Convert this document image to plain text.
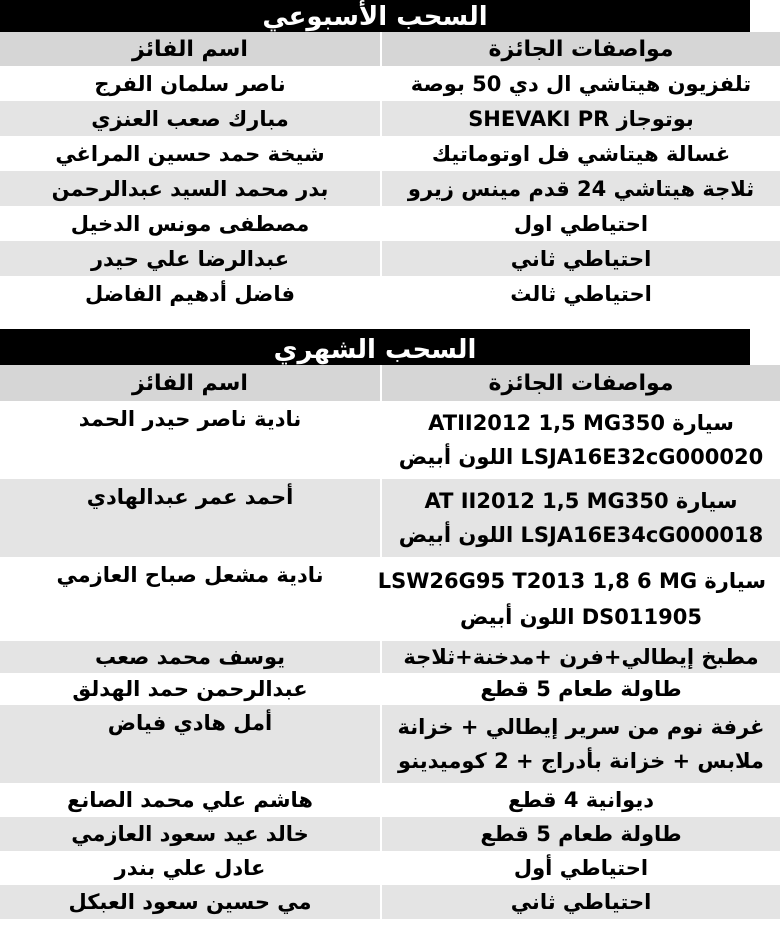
السحب الأسبوعي
مواصفات الجائزة	اسم الفائز
تلفزيون هيتاشي ال دي 50 بوصة	ناصر سلمان الفرج
بوتوجاز SHEVAKI PR	مبارك صعب العنزي
غسالة هيتاشي فل اوتوماتيك	شيخة حمد حسين المراغي
ثلاجة هيتاشي 24 قدم مينس زيرو	بدر محمد السيد عبدالرحمن
احتياطي اول	مصطفى مونس الدخيل
احتياطي ثاني	عبدالرضا علي حيدر
احتياطي ثالث	فاضل أدهيم الفاضل
السحب الشهري
مواصفات الجائزة	اسم الفائز

سيارة ATII2012 1,5 MG350
LSJA16E32cG000020 اللون أبيض	نادية ناصر حيدر الحمد

سيارة AT II2012 1,5 MG350
LSJA16E34cG000018 اللون أبيض	أحمد عمر عبدالهادي

سيارة LSW26G95 T2013 1,8 6 MG
DS011905 اللون أبيض	نادية مشعل صباح العازمي
مطبخ إيطالي+فرن +مدخنة+ثلاجة	يوسف محمد صعب
طاولة طعام 5 قطع	عبدالرحمن حمد الهدلق

غرفة نوم من سرير إيطالي + خزانة
ملابس + خزانة بأدراج + 2 كوميدينو	أمل هادي فياض
ديوانية 4 قطع	هاشم علي محمد الصانع
طاولة طعام 5 قطع	خالد عيد سعود العازمي
احتياطي أول	عادل علي بندر
احتياطي ثاني	مي حسين سعود العبكل
